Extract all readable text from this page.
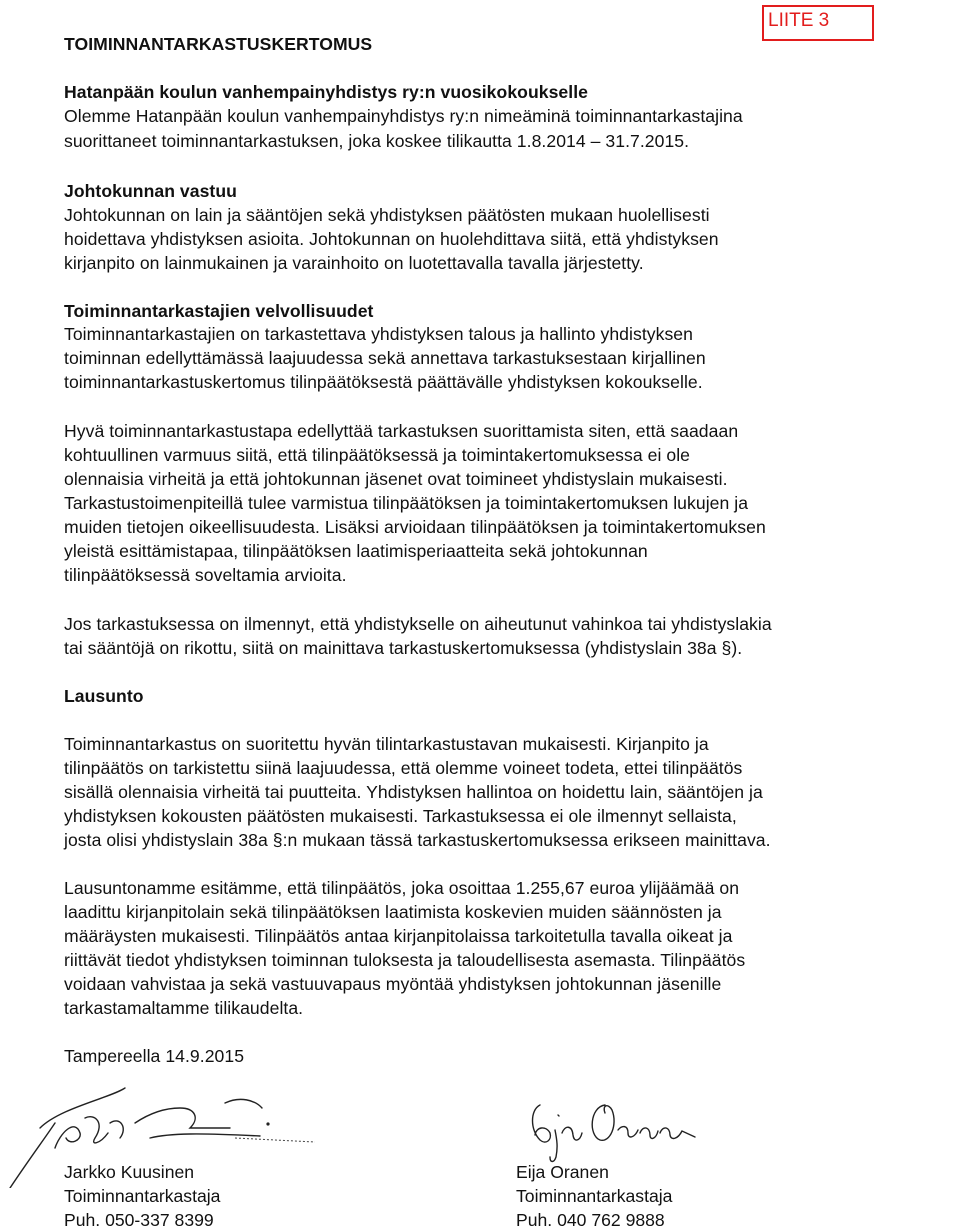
LIITE 3
TOIMINNANTARKASTUSKERTOMUS
Hatanpään koulun vanhempainyhdistys ry:n vuosikokoukselle
Olemme Hatanpään koulun vanhempainyhdistys ry:n nimeäminä toiminnantarkastajina
suorittaneet toiminnantarkastuksen, joka koskee tilikautta 1.8.2014 – 31.7.2015.
Johtokunnan vastuu
Johtokunnan on lain ja sääntöjen sekä yhdistyksen päätösten mukaan huolellisesti
hoidettava yhdistyksen asioita. Johtokunnan on huolehdittava siitä, että yhdistyksen
kirjanpito on lainmukainen ja varainhoito on luotettavalla tavalla järjestetty.
Toiminnantarkastajien velvollisuudet
Toiminnantarkastajien on tarkastettava yhdistyksen talous ja hallinto yhdistyksen
toiminnan edellyttämässä laajuudessa sekä annettava tarkastuksestaan kirjallinen
toiminnantarkastuskertomus tilinpäätöksestä päättävälle yhdistyksen kokoukselle.
Hyvä toiminnantarkastustapa edellyttää tarkastuksen suorittamista siten, että saadaan
kohtuullinen varmuus siitä, että tilinpäätöksessä ja toimintakertomuksessa ei ole
olennaisia virheitä ja että johtokunnan jäsenet ovat toimineet yhdistyslain mukaisesti.
Tarkastustoimenpiteillä tulee varmistua tilinpäätöksen ja toimintakertomuksen lukujen ja
muiden tietojen oikeellisuudesta. Lisäksi arvioidaan tilinpäätöksen ja toimintakertomuksen
yleistä esittämistapaa, tilinpäätöksen laatimisperiaatteita sekä johtokunnan
tilinpäätöksessä soveltamia arvioita.
Jos tarkastuksessa on ilmennyt, että yhdistykselle on aiheutunut vahinkoa tai yhdistyslakia
tai sääntöjä on rikottu, siitä on mainittava tarkastuskertomuksessa (yhdistyslain 38a §).
Lausunto
Toiminnantarkastus on suoritettu hyvän tilintarkastustavan mukaisesti. Kirjanpito ja
tilinpäätös on tarkistettu siinä laajuudessa, että olemme voineet todeta, ettei tilinpäätös
sisällä olennaisia virheitä tai puutteita. Yhdistyksen hallintoa on hoidettu lain, sääntöjen ja
yhdistyksen kokousten päätösten mukaisesti. Tarkastuksessa ei ole ilmennyt sellaista,
josta olisi yhdistyslain 38a §:n mukaan tässä tarkastuskertomuksessa erikseen mainittava.
Lausuntonamme esitämme, että tilinpäätös, joka osoittaa 1.255,67 euroa ylijäämää on
laadittu kirjanpitolain sekä tilinpäätöksen laatimista koskevien muiden säännösten ja
määräysten mukaisesti. Tilinpäätös antaa kirjanpitolaissa tarkoitetulla tavalla oikeat ja
riittävät tiedot yhdistyksen toiminnan tuloksesta ja taloudellisesta asemasta. Tilinpäätös
voidaan vahvistaa ja sekä vastuuvapaus myöntää yhdistyksen johtokunnan jäsenille
tarkastamaltamme tilikaudelta.
Tampereella 14.9.2015
Jarkko Kuusinen
Toiminnantarkastaja
Puh. 050-337 8399
Eija Oranen
Toiminnantarkastaja
Puh. 040 762 9888
